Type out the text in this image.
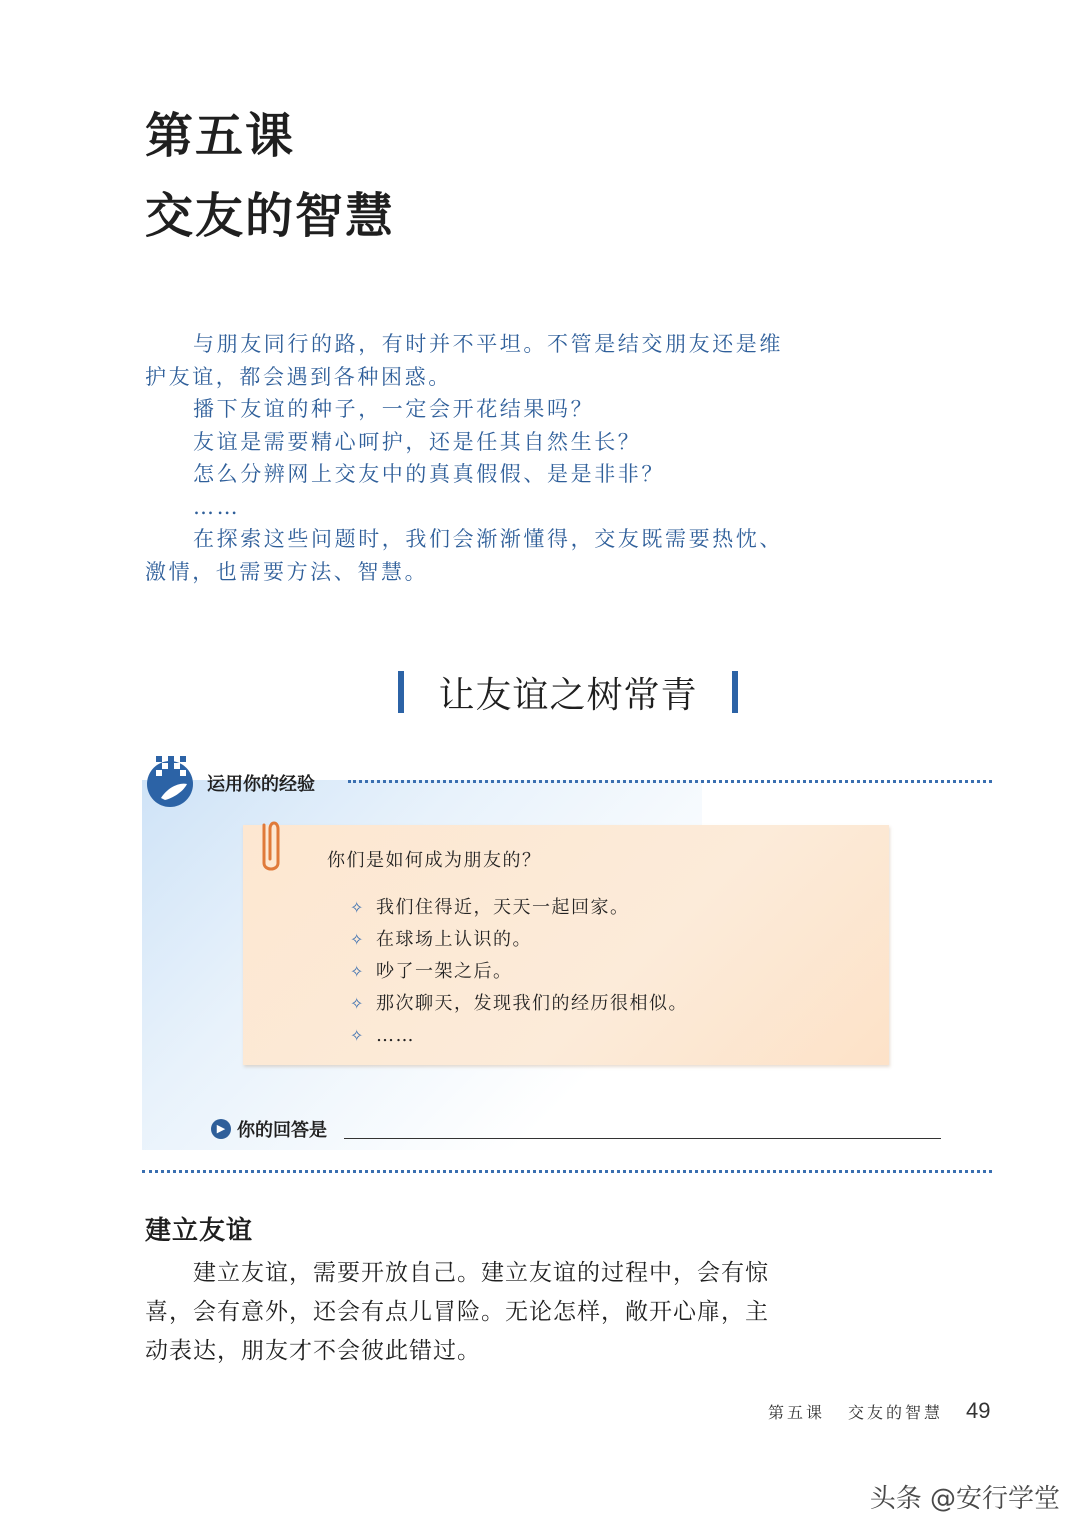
第五课
交友的智慧

与朋友同行的路，有时并不平坦。不管是结交朋友还是维护友谊，都会遇到各种困惑。

播下友谊的种子，一定会开花结果吗？

友谊是需要精心呵护，还是任其自然生长？

怎么分辨网上交友中的真真假假、是是非非？

……

在探索这些问题时，我们会渐渐懂得，交友既需要热忱、激情，也需要方法、智慧。

让友谊之树常青
运用你的经验
你们是如何成为朋友的？
✧ 我们住得近，天天一起回家。
✧ 在球场上认识的。
✧ 吵了一架之后。
✧ 那次聊天，发现我们的经历很相似。
✧ ……
▶ 你的回答是
建立友谊

建立友谊，需要开放自己。建立友谊的过程中，会有惊喜，会有意外，还会有点儿冒险。无论怎样，敞开心扉，主动表达，朋友才不会彼此错过。

第五课 交友的智慧 49
头条 @安行学堂
